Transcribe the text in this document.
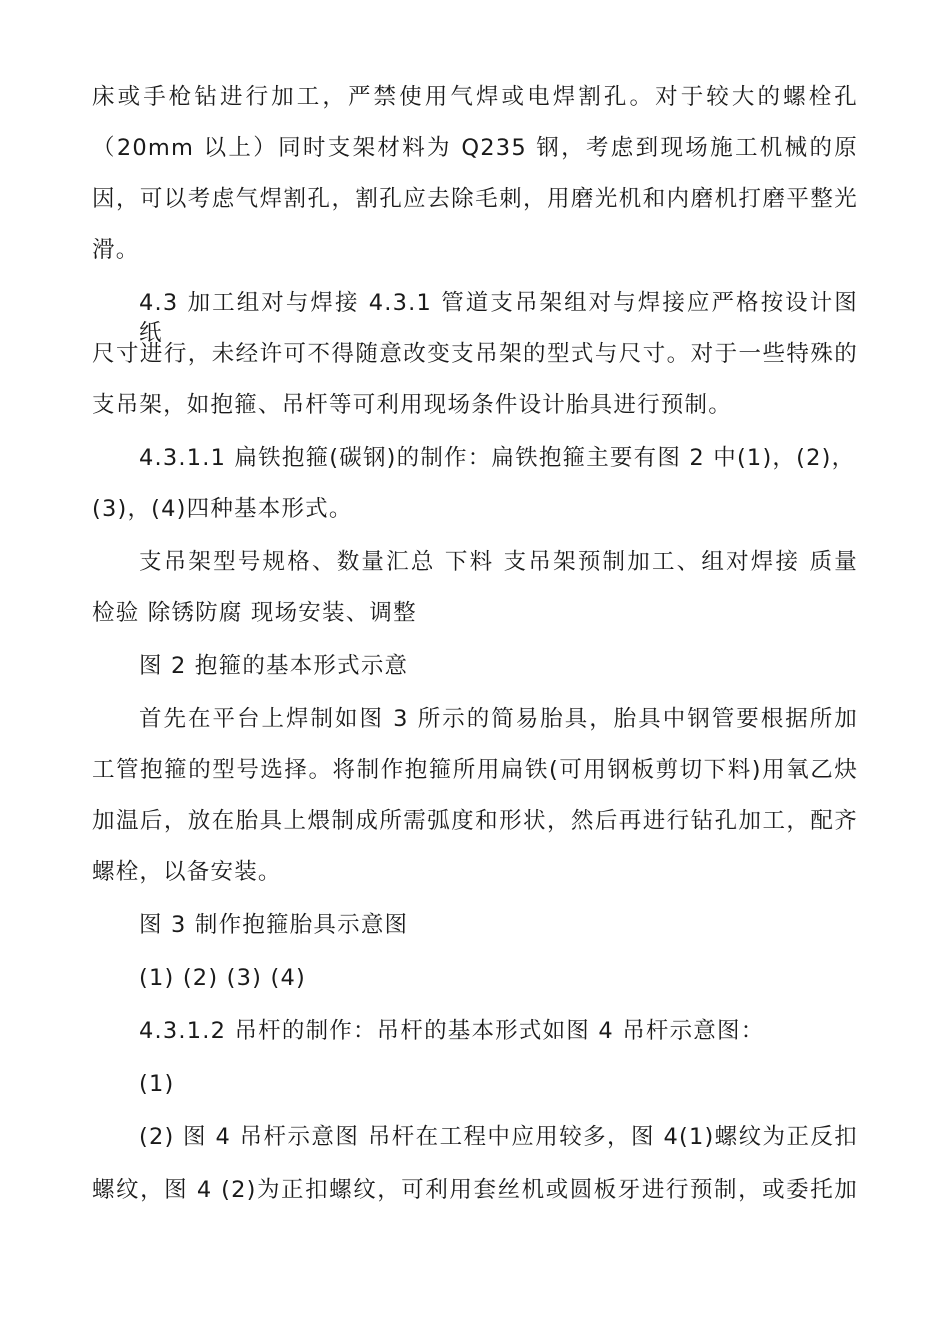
床或手枪钻进行加工，严禁使用气焊或电焊割孔。对于较大的螺栓孔
（20mm 以上）同时支架材料为 Q235 钢，考虑到现场施工机械的原
因，可以考虑气焊割孔，割孔应去除毛刺，用磨光机和内磨机打磨平整光
滑。
4.3 加工组对与焊接 4.3.1 管道支吊架组对与焊接应严格按设计图纸
尺寸进行，未经许可不得随意改变支吊架的型式与尺寸。对于一些特殊的
支吊架，如抱箍、吊杆等可利用现场条件设计胎具进行预制。
4.3.1.1 扁铁抱箍(碳钢)的制作：扁铁抱箍主要有图 2 中(1)，(2)，
(3)，(4)四种基本形式。
支吊架型号规格、数量汇总 下料 支吊架预制加工、组对焊接 质量
检验 除锈防腐 现场安装、调整
图 2 抱箍的基本形式示意
首先在平台上焊制如图 3 所示的简易胎具，胎具中钢管要根据所加
工管抱箍的型号选择。将制作抱箍所用扁铁(可用钢板剪切下料)用氧乙炔
加温后，放在胎具上煨制成所需弧度和形状，然后再进行钻孔加工，配齐
螺栓，以备安装。
图 3 制作抱箍胎具示意图
(1) (2) (3) (4)
4.3.1.2 吊杆的制作：吊杆的基本形式如图 4 吊杆示意图：
(1)
(2) 图 4 吊杆示意图 吊杆在工程中应用较多，图 4(1)螺纹为正反扣
螺纹，图 4 (2)为正扣螺纹，可利用套丝机或圆板牙进行预制，或委托加
